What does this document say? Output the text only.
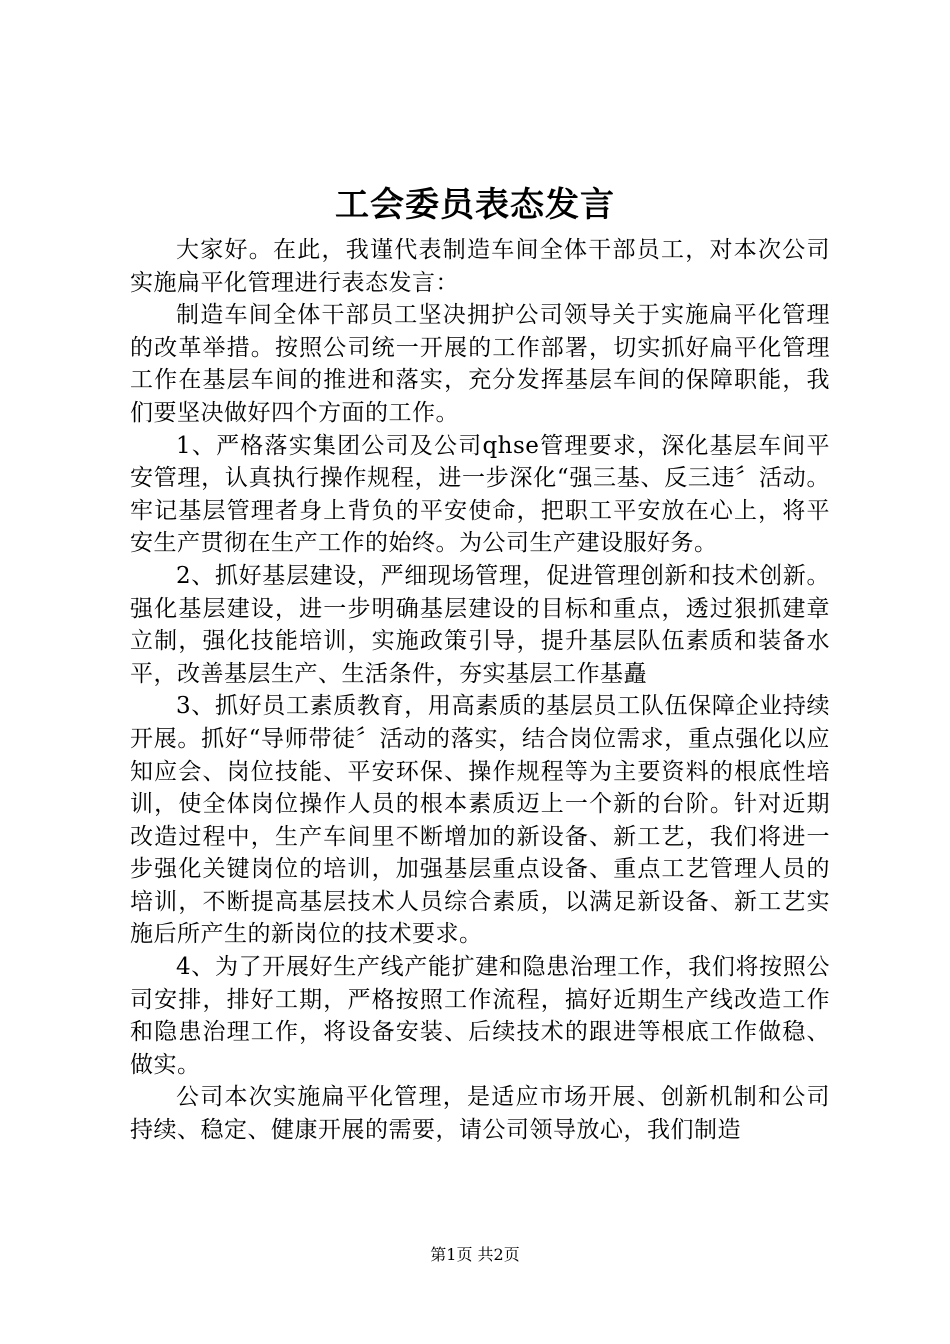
工会委员表态发言

大家好。在此，我谨代表制造车间全体干部员工，对本次公司实施扁平化管理进行表态发言：

制造车间全体干部员工坚决拥护公司领导关于实施扁平化管理的改革举措。按照公司统一开展的工作部署，切实抓好扁平化管理工作在基层车间的推进和落实，充分发挥基层车间的保障职能，我们要坚决做好四个方面的工作。

1、严格落实集团公司及公司qhse管理要求，深化基层车间平安管理，认真执行操作规程，进一步深化“强三基、反三违〞活动。牢记基层管理者身上背负的平安使命，把职工平安放在心上，将平安生产贯彻在生产工作的始终。为公司生产建设服好务。

2、抓好基层建设，严细现场管理，促进管理创新和技术创新。强化基层建设，进一步明确基层建设的目标和重点，透过狠抓建章立制，强化技能培训，实施政策引导，提升基层队伍素质和装备水平，改善基层生产、生活条件，夯实基层工作基矗

3、抓好员工素质教育，用高素质的基层员工队伍保障企业持续开展。抓好“导师带徒〞活动的落实，结合岗位需求，重点强化以应知应会、岗位技能、平安环保、操作规程等为主要资料的根底性培训，使全体岗位操作人员的根本素质迈上一个新的台阶。针对近期改造过程中，生产车间里不断增加的新设备、新工艺，我们将进一步强化关键岗位的培训，加强基层重点设备、重点工艺管理人员的培训，不断提高基层技术人员综合素质，以满足新设备、新工艺实施后所产生的新岗位的技术要求。

4、为了开展好生产线产能扩建和隐患治理工作，我们将按照公司安排，排好工期，严格按照工作流程，搞好近期生产线改造工作和隐患治理工作，将设备安装、后续技术的跟进等根底工作做稳、做实。

公司本次实施扁平化管理，是适应市场开展、创新机制和公司持续、稳定、健康开展的需要，请公司领导放心，我们制造

第1页 共2页
